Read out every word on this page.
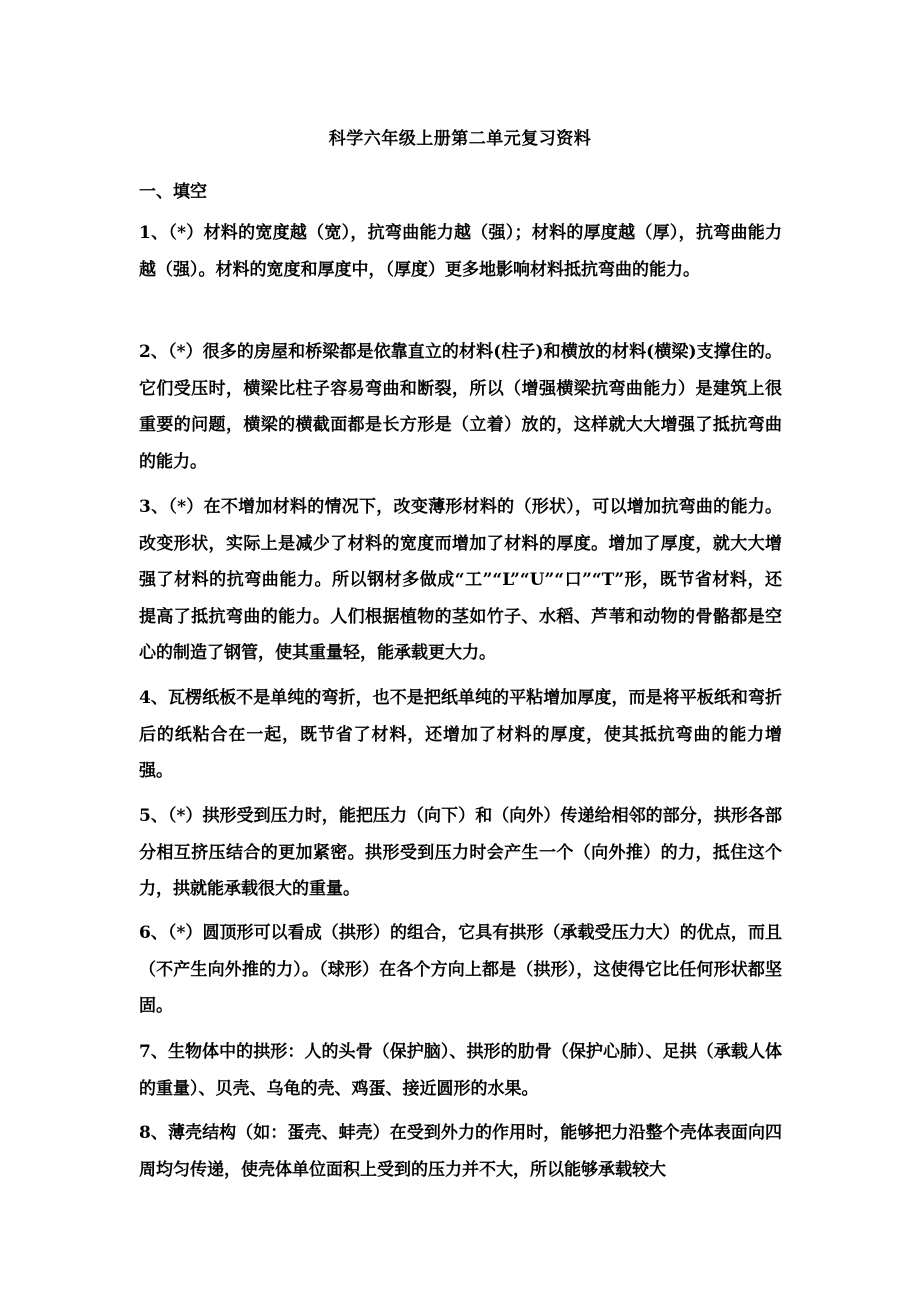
科学六年级上册第二单元复习资料
一、填空

1、（*）材料的宽度越（宽），抗弯曲能力越（强）；材料的厚度越（厚），抗弯曲能力越（强）。材料的宽度和厚度中，（厚度）更多地影响材料抵抗弯曲的能力。

2、（*）很多的房屋和桥梁都是依靠直立的材料(柱子)和横放的材料(横梁)支撑住的。它们受压时，横梁比柱子容易弯曲和断裂，所以（增强横梁抗弯曲能力）是建筑上很重要的问题，横梁的横截面都是长方形是（立着）放的，这样就大大增强了抵抗弯曲的能力。

3、（*）在不增加材料的情况下，改变薄形材料的（形状），可以增加抗弯曲的能力。改变形状，实际上是减少了材料的宽度而增加了材料的厚度。增加了厚度，就大大增强了材料的抗弯曲能力。所以钢材多做成“工”“L”“U”“口”“T”形，既节省材料，还提高了抵抗弯曲的能力。人们根据植物的茎如竹子、水稻、芦苇和动物的骨骼都是空心的制造了钢管，使其重量轻，能承载更大力。

4、瓦楞纸板不是单纯的弯折，也不是把纸单纯的平粘增加厚度，而是将平板纸和弯折后的纸粘合在一起，既节省了材料，还增加了材料的厚度，使其抵抗弯曲的能力增强。

5、（*）拱形受到压力时，能把压力（向下）和（向外）传递给相邻的部分，拱形各部分相互挤压结合的更加紧密。拱形受到压力时会产生一个（向外推）的力，抵住这个力，拱就能承载很大的重量。

6、（*）圆顶形可以看成（拱形）的组合，它具有拱形（承载受压力大）的优点，而且（不产生向外推的力）。（球形）在各个方向上都是（拱形），这使得它比任何形状都坚固。

7、生物体中的拱形：人的头骨（保护脑）、拱形的肋骨（保护心肺）、足拱（承载人体的重量）、贝壳、乌龟的壳、鸡蛋、接近圆形的水果。

8、薄壳结构（如：蛋壳、蚌壳）在受到外力的作用时，能够把力沿整个壳体表面向四周均匀传递，使壳体单位面积上受到的压力并不大，所以能够承载较大
